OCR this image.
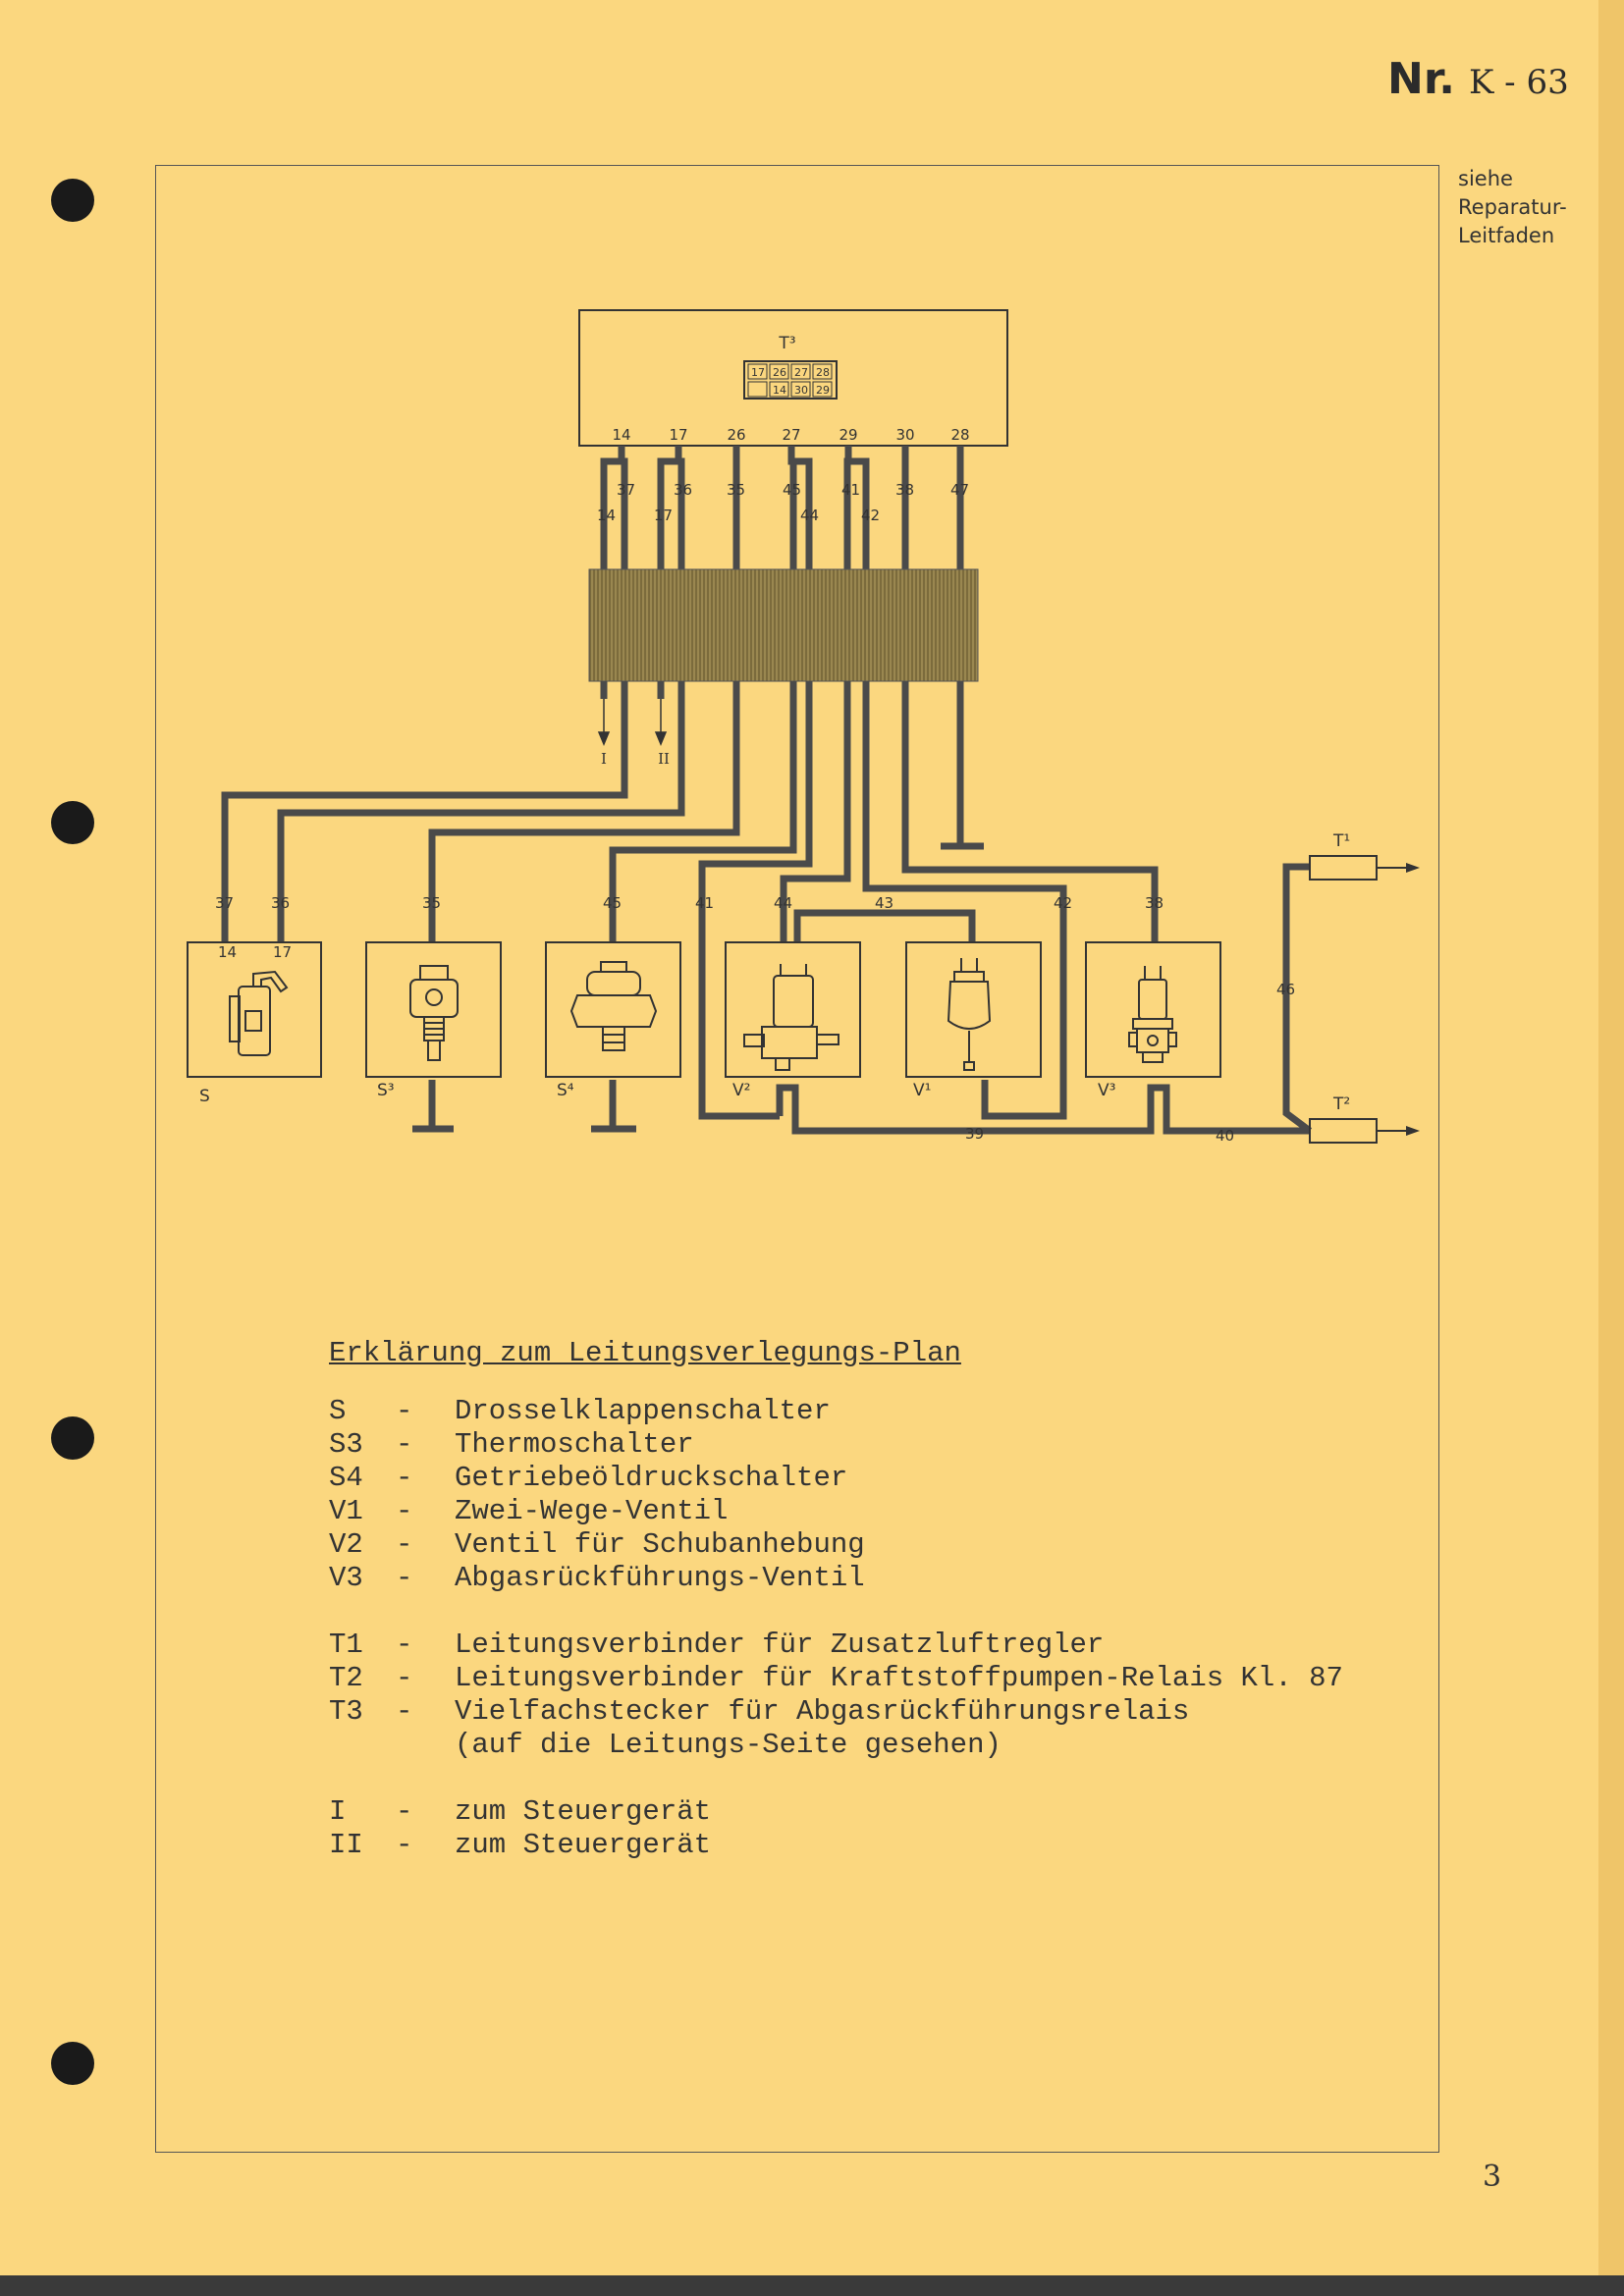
Nr. K - 63
siehe
Reparatur-
Leitfaden
T³
17 26 27 28
14 30 29
14	17	26 27	29	30 28
37	36 35	45	41 38 47
14	17	44	42
I	II
37	36	35	45	41	44	43	42	38
46
39	40
14 17
S	S³	S⁴	V²	V¹	V³
T¹
T²
Erklärung zum Leitungsverlegungs-Plan
S	-	Drosselklappenschalter
S3	-	Thermoschalter
S4	-	Getriebeöldruckschalter
V1	-	Zwei-Wege-Ventil
V2	-	Ventil für Schubanhebung
V3	-	Abgasrückführungs-Ventil
T1	-	Leitungsverbinder für Zusatzluftregler
T2	-	Leitungsverbinder für Kraftstoffpumpen-Relais Kl. 87
T3	-	Vielfachstecker für Abgasrückführungsrelais
(auf die Leitungs-Seite gesehen)
I	-	zum Steuergerät
II	-	zum Steuergerät
3
